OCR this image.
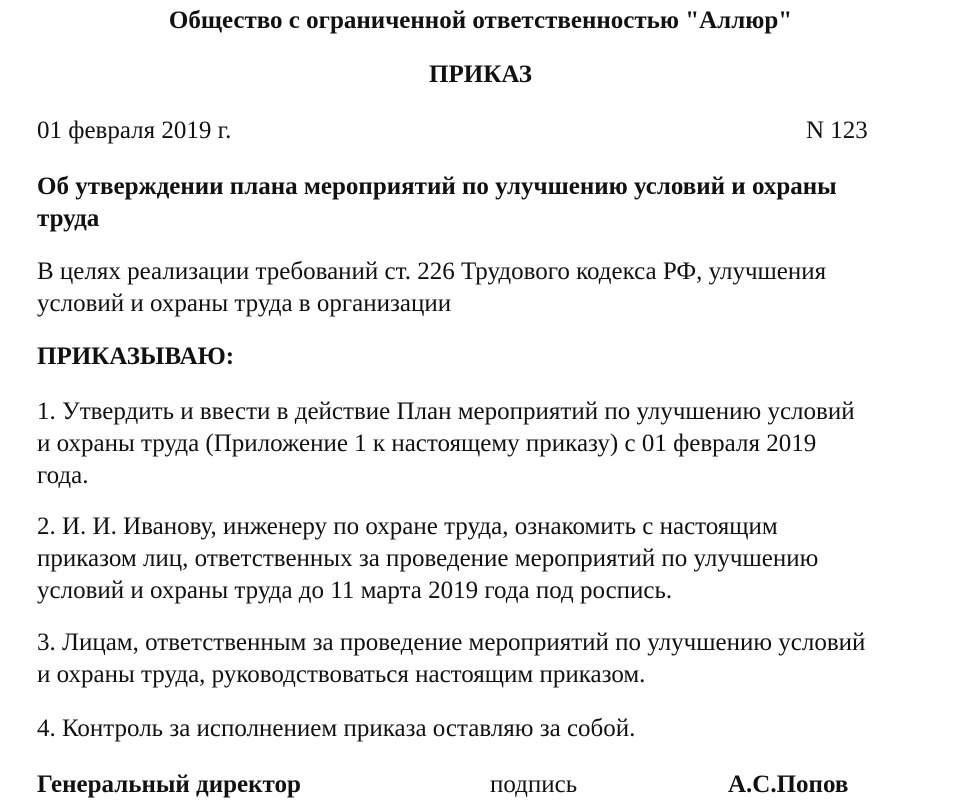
Общество с ограниченной ответственностью "Аллюр"
ПРИКАЗ
01 февраля 2019 г.	N 123
Об утверждении плана мероприятий по улучшению условий и охраны
труда
В целях реализации требований ст. 226 Трудового кодекса РФ, улучшения
условий и охраны труда в организации
ПРИКАЗЫВАЮ:
1. Утвердить и ввести в действие План мероприятий по улучшению условий
и охраны труда (Приложение 1 к настоящему приказу) с 01 февраля 2019
года.
2. И. И. Иванову, инженеру по охране труда, ознакомить с настоящим
приказом лиц, ответственных за проведение мероприятий по улучшению
условий и охраны труда до 11 марта 2019 года под роспись.
3. Лицам, ответственным за проведение мероприятий по улучшению условий
и охраны труда, руководствоваться настоящим приказом.
4. Контроль за исполнением приказа оставляю за собой.
Генеральный директор	подпись	А.С.Попов
